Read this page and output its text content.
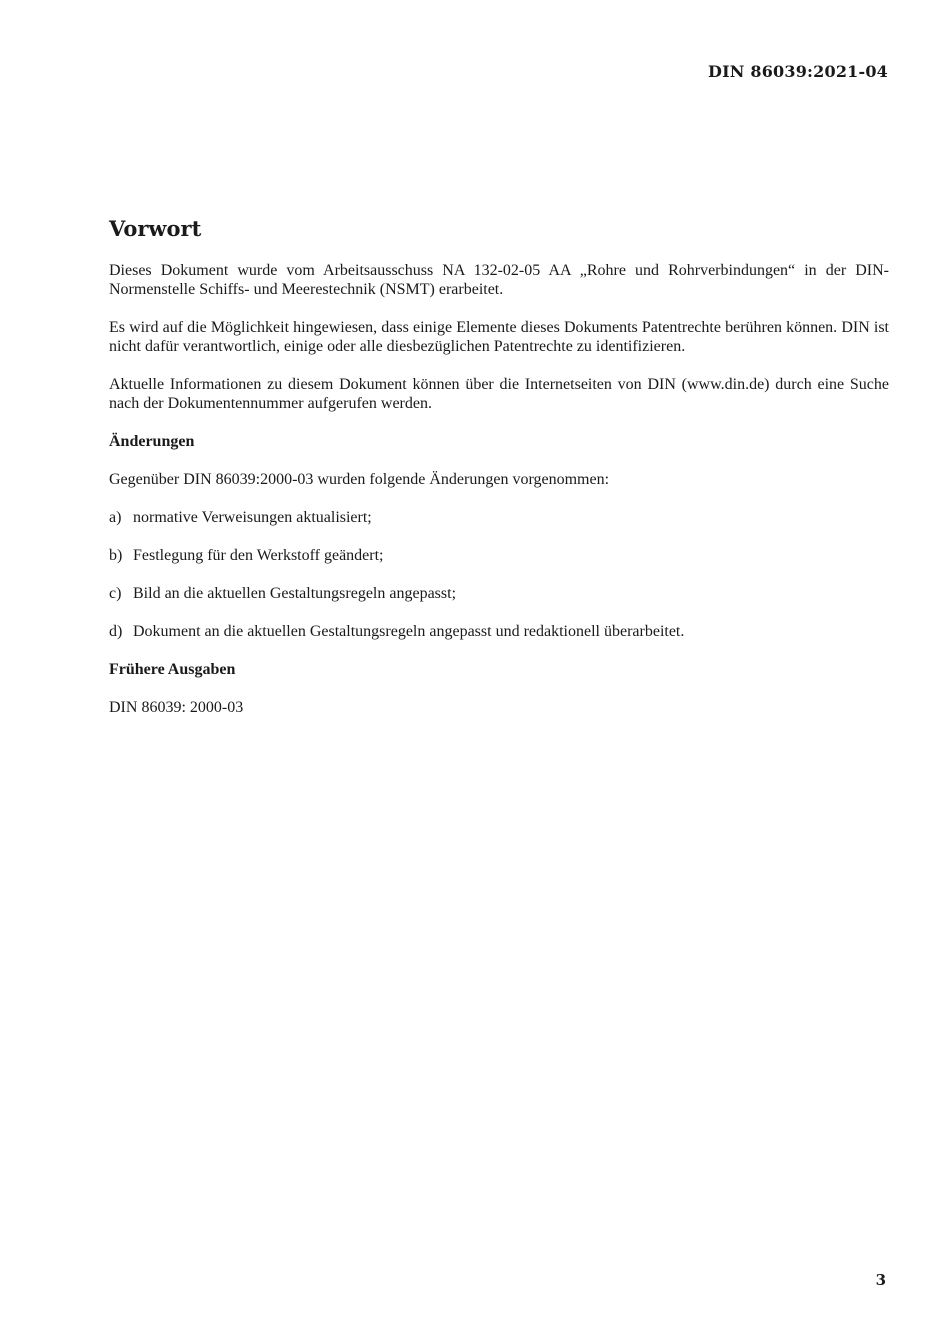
DIN 86039:2021-04
Vorwort

Dieses Dokument wurde vom Arbeitsausschuss NA 132-02-05 AA „Rohre und Rohrverbindungen“ in der DIN-Normenstelle Schiffs- und Meerestechnik (NSMT) erarbeitet.

Es wird auf die Möglichkeit hingewiesen, dass einige Elemente dieses Dokuments Patentrechte berühren können. DIN ist nicht dafür verantwortlich, einige oder alle diesbezüglichen Patentrechte zu identifizieren.

Aktuelle Informationen zu diesem Dokument können über die Internetseiten von DIN (www.din.de) durch eine Suche nach der Dokumentennummer aufgerufen werden.

Änderungen

Gegenüber DIN 86039:2000-03 wurden folgende Änderungen vorgenommen:

a) normative Verweisungen aktualisiert;
b) Festlegung für den Werkstoff geändert;
c) Bild an die aktuellen Gestaltungsregeln angepasst;
d) Dokument an die aktuellen Gestaltungsregeln angepasst und redaktionell überarbeitet.
Frühere Ausgaben

DIN 86039: 2000-03

3
